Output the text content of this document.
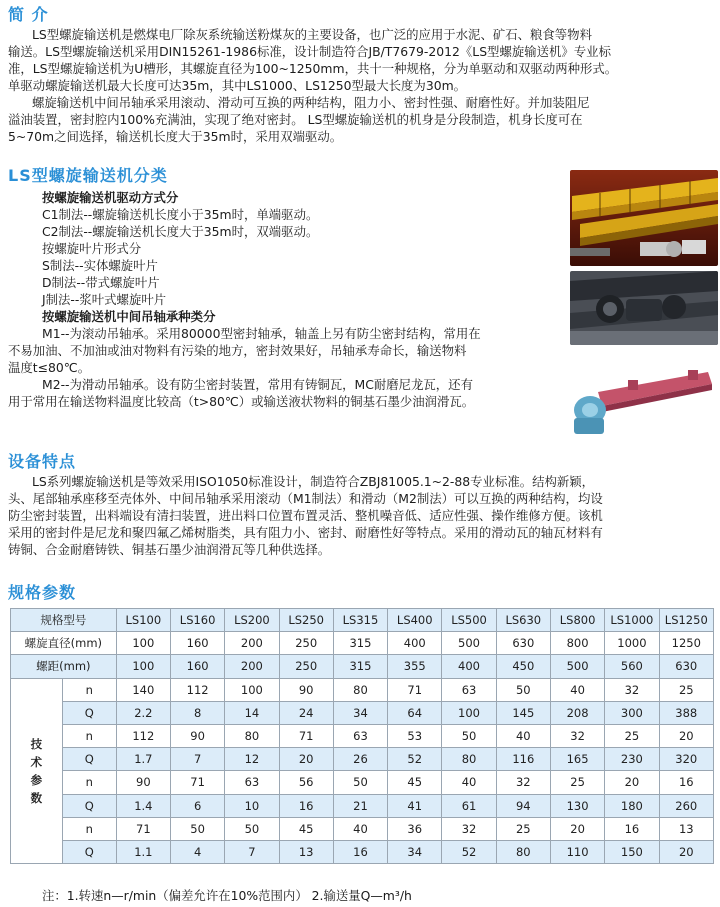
简 介
LS型螺旋输送机是燃煤电厂除灰系统输送粉煤灰的主要设备，也广泛的应用于水泥、矿石、粮食等物料
输送。LS型螺旋输送机采用DIN15261-1986标准，设计制造符合JB/T7679-2012《LS型螺旋输送机》专业标
准，LS型螺旋输送机为U槽形，其螺旋直径为100~1250mm，共十一种规格，分为单驱动和双驱动两种形式。
单驱动螺旋输送机最大长度可达35m，其中LS1000、LS1250型最大长度为30m。
螺旋输送机中间吊轴承采用滚动、滑动可互换的两种结构，阻力小、密封性强、耐磨性好。并加装阻尼
溢油装置，密封腔内100%充满油，实现了绝对密封。 LS型螺旋输送机的机身是分段制造，机身长度可在
5~70m之间选择，输送机长度大于35m时，采用双端驱动。
LS型螺旋输送机分类
按螺旋输送机驱动方式分
C1制法--螺旋输送机长度小于35m时，单端驱动。
C2制法--螺旋输送机长度大于35m时，双端驱动。
按螺旋叶片形式分
S制法--实体螺旋叶片
D制法--带式螺旋叶片
J制法--浆叶式螺旋叶片
按螺旋输送机中间吊轴承种类分
M1--为滚动吊轴承。采用80000型密封轴承，轴盖上另有防尘密封结构，常用在
不易加油、不加油或油对物料有污染的地方，密封效果好，吊轴承寿命长，输送物料
温度t≤80℃。
M2--为滑动吊轴承。设有防尘密封装置，常用有铸铜瓦，MC耐磨尼龙瓦，还有
用于常用在输送物料温度比较高（t>80℃）或输送液状物料的铜基石墨少油润滑瓦。
设备特点
LS系列螺旋输送机是等效采用ISO1050标准设计，制造符合ZBJ81005.1~2-88专业标准。结构新颖，
头、尾部轴承座移至壳体外、中间吊轴承采用滚动（M1制法）和滑动（M2制法）可以互换的两种结构，均设
防尘密封装置，出料端设有清扫装置，进出料口位置布置灵活、整机噪音低、适应性强、操作维修方便。该机
采用的密封件是尼龙和聚四氟乙烯树脂类，具有阻力小、密封、耐磨性好等特点。采用的滑动瓦的轴瓦材料有
铸铜、合金耐磨铸铁、铜基石墨少油润滑瓦等几种供选择。
规格参数
规格型号		LS100	LS160	LS200	LS250	LS315	LS400	LS500	LS630	LS800	LS1000	LS1250
螺旋直径(mm)		100	160	200	250	315	400	500	630	800	1000	1250
螺距(mm)		100	160	200	250	315	355	400	450	500	560	630

技
术
参
数	n	140	112	100	90	80	71	63	50	40	32	25
	Q	2.2	8	14	24	34	64	100	145	208	300	388
	n	112	90	80	71	63	53	50	40	32	25	20
	Q	1.7	7	12	20	26	52	80	116	165	230	320
	n	90	71	63	56	50	45	40	32	25	20	16
	Q	1.4	6	10	16	21	41	61	94	130	180	260
	n	71	50	50	45	40	36	32	25	20	16	13
	Q	1.1	4	7	13	16	34	52	80	110	150	20
注：1.转速n—r/min（偏差允许在10%范围内） 2.输送量Q—m³/h
